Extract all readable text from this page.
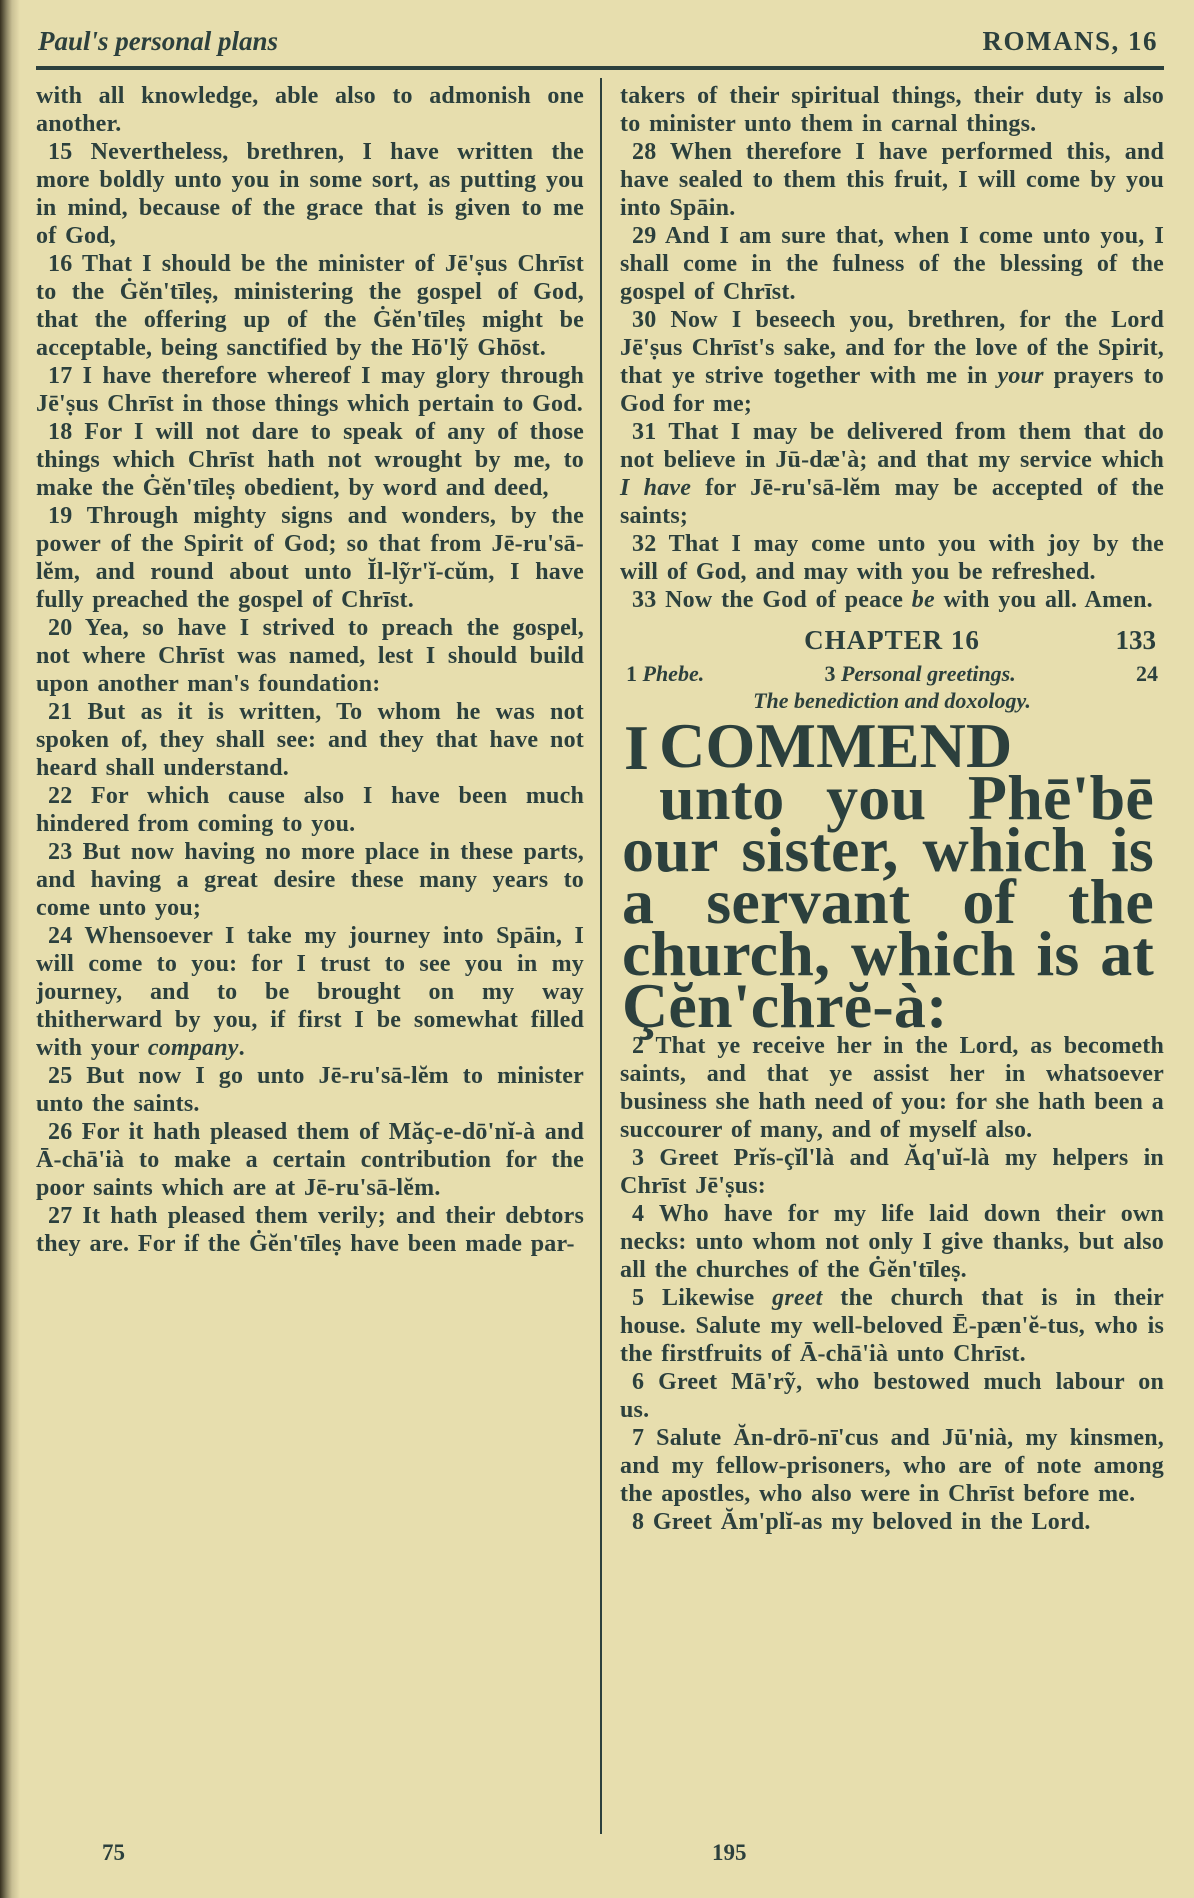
Paul's personal plans	ROMANS, 16

with all knowledge, able also to admonish one another.

15 Nevertheless, brethren, I have written the more boldly unto you in some sort, as putting you in mind, because of the grace that is given to me of God,

16 That I should be the minister of Jē'ṣus Chrīst to the Ġĕn'tīleṣ, ministering the gospel of God, that the offering up of the Ġĕn'tīleṣ might be acceptable, being sanctified by the Hō'lỹ Ghōst.

17 I have therefore whereof I may glory through Jē'ṣus Chrīst in those things which pertain to God.

18 For I will not dare to speak of any of those things which Chrīst hath not wrought by me, to make the Ġĕn'tīleṣ obedient, by word and deed,

19 Through mighty signs and wonders, by the power of the Spirit of God; so that from Jē-ru'sā-lĕm, and round about unto Ĭl-lỹr'ĭ-cŭm, I have fully preached the gospel of Chrīst.

20 Yea, so have I strived to preach the gospel, not where Chrīst was named, lest I should build upon another man's foundation:

21 But as it is written, To whom he was not spoken of, they shall see: and they that have not heard shall understand.

22 For which cause also I have been much hindered from coming to you.

23 But now having no more place in these parts, and having a great desire these many years to come unto you;

24 Whensoever I take my journey into Spāin, I will come to you: for I trust to see you in my journey, and to be brought on my way thitherward by you, if first I be somewhat filled with your company.

25 But now I go unto Jē-ru'sā-lĕm to minister unto the saints.

26 For it hath pleased them of Măç-e-dō'nĭ-à and Ā-chā'ià to make a certain contribution for the poor saints which are at Jē-ru'sā-lĕm.

27 It hath pleased them verily; and their debtors they are. For if the Ġĕn'tīleṣ have been made par-

takers of their spiritual things, their duty is also to minister unto them in carnal things.

28 When therefore I have performed this, and have sealed to them this fruit, I will come by you into Spāin.

29 And I am sure that, when I come unto you, I shall come in the fulness of the blessing of the gospel of Chrīst.

30 Now I beseech you, brethren, for the Lord Jē'ṣus Chrīst's sake, and for the love of the Spirit, that ye strive together with me in your prayers to God for me;

31 That I may be delivered from them that do not believe in Jū-dæ'à; and that my service which I have for Jē-ru'sā-lĕm may be accepted of the saints;

32 That I may come unto you with joy by the will of God, and may with you be refreshed.

33 Now the God of peace be with you all. Amen.

CHAPTER 16	133
1 Phebe.	3 Personal greetings.	24
The benediction and doxology.

I COMMEND unto you Phē'bē our sister, which is a servant of the church, which is at Çĕn'chrĕ-à:

2 That ye receive her in the Lord, as becometh saints, and that ye assist her in whatsoever business she hath need of you: for she hath been a succourer of many, and of myself also.

3 Greet Prĭs-çĭl'là and Ăq'uĭ-là my helpers in Chrīst Jē'ṣus:

4 Who have for my life laid down their own necks: unto whom not only I give thanks, but also all the churches of the Ġĕn'tīleṣ.

5 Likewise greet the church that is in their house. Salute my well-beloved Ē-pæn'ĕ-tus, who is the firstfruits of Ā-chā'ià unto Chrīst.

6 Greet Mā'rỹ, who bestowed much labour on us.

7 Salute Ăn-drō-nī'cus and Jū'nià, my kinsmen, and my fellow-prisoners, who are of note among the apostles, who also were in Chrīst before me.

8 Greet Ăm'plĭ-as my beloved in the Lord.

75	195
